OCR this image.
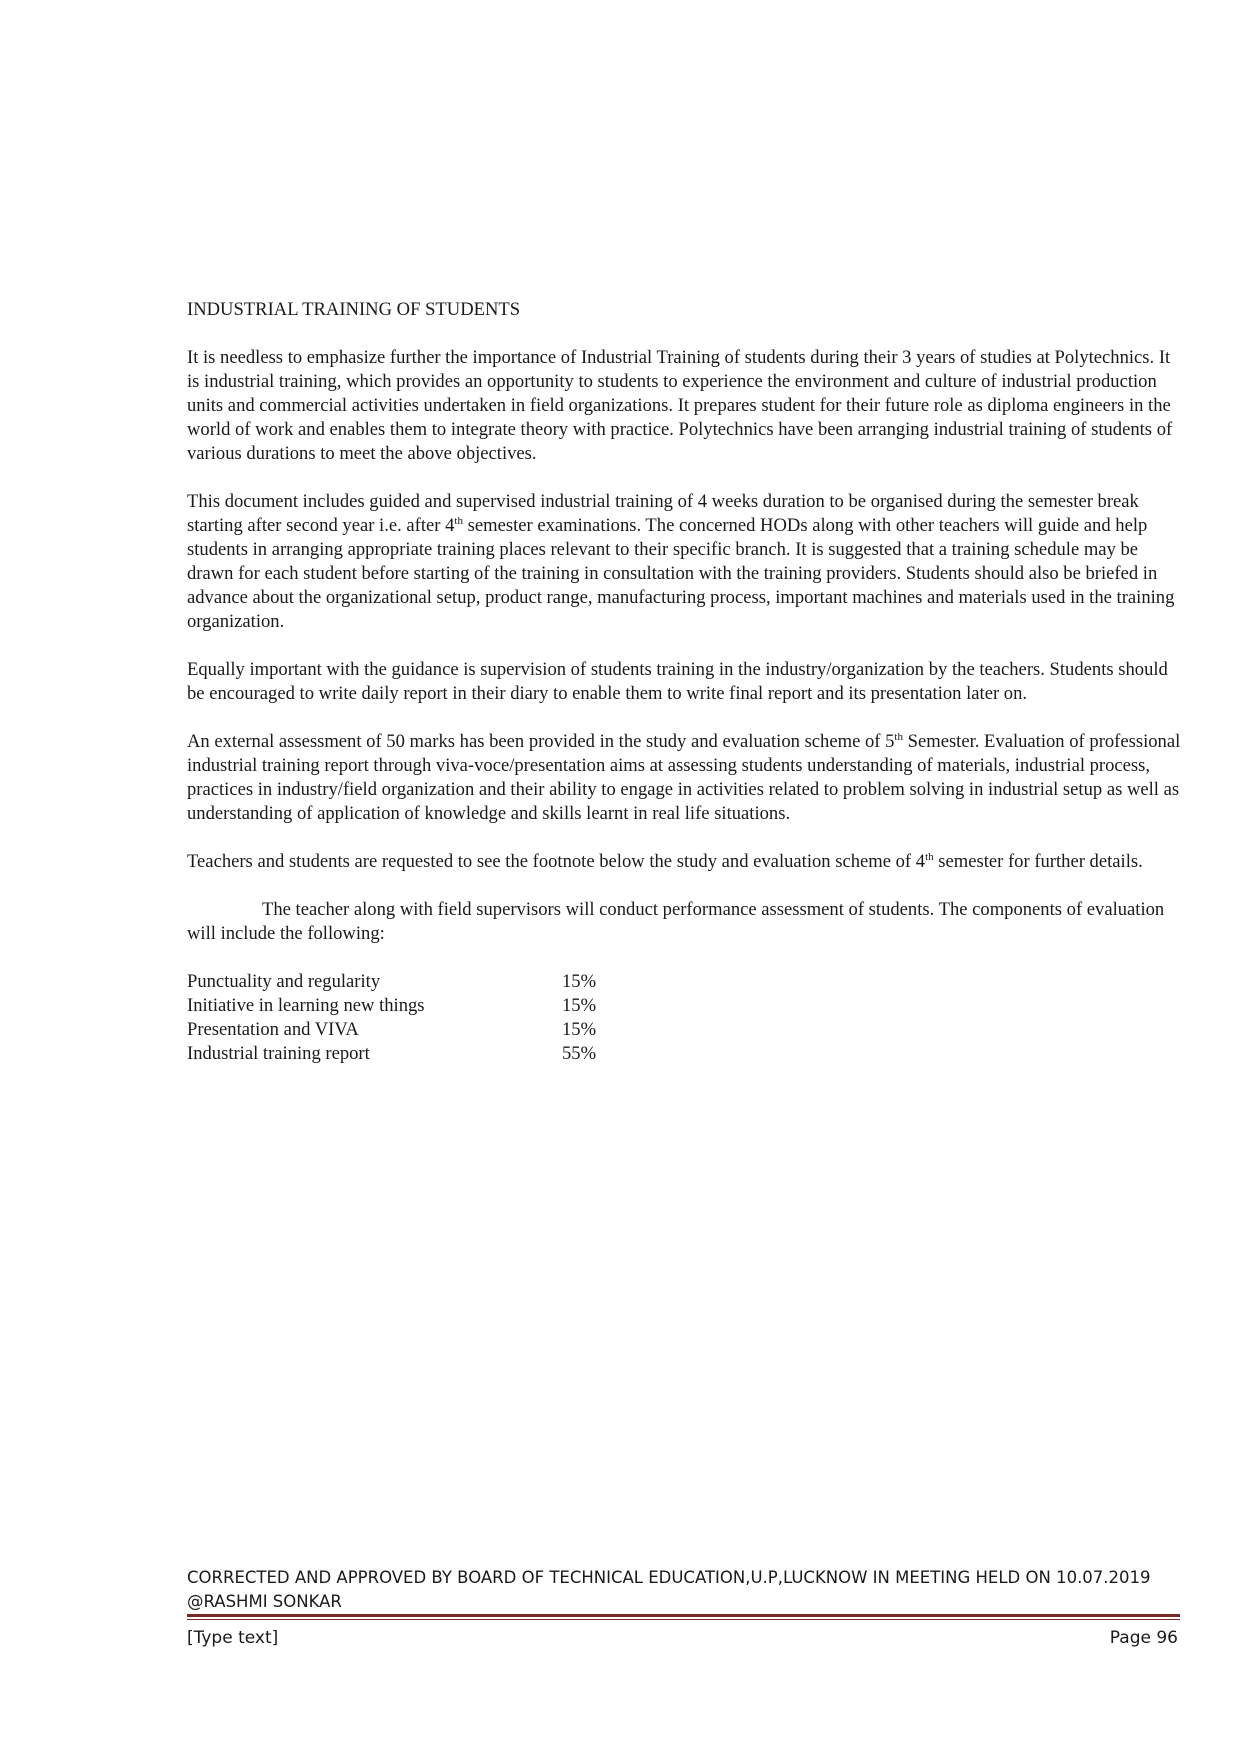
INDUSTRIAL TRAINING OF STUDENTS

It is needless to emphasize further the importance of Industrial Training of students during their 3 years of studies at Polytechnics. It is industrial training, which provides an opportunity to students to experience the environment and culture of industrial production units and commercial activities undertaken in field organizations. It prepares student for their future role as diploma engineers in the world of work and enables them to integrate theory with practice. Polytechnics have been arranging industrial training of students of various durations to meet the above objectives.

This document includes guided and supervised industrial training of 4 weeks duration to be organised during the semester break starting after second year i.e. after 4th semester examinations. The concerned HODs along with other teachers will guide and help students in arranging appropriate training places relevant to their specific branch. It is suggested that a training schedule may be drawn for each student before starting of the training in consultation with the training providers. Students should also be briefed in advance about the organizational setup, product range, manufacturing process, important machines and materials used in the training organization.

Equally important with the guidance is supervision of students training in the industry/organization by the teachers. Students should be encouraged to write daily report in their diary to enable them to write final report and its presentation later on.

An external assessment of 50 marks has been provided in the study and evaluation scheme of 5th Semester. Evaluation of professional industrial training report through viva-voce/presentation aims at assessing students understanding of materials, industrial process, practices in industry/field organization and their ability to engage in activities related to problem solving in industrial setup as well as understanding of application of knowledge and skills learnt in real life situations.

Teachers and students are requested to see the footnote below the study and evaluation scheme of 4th semester for further details.

The teacher along with field supervisors will conduct performance assessment of students. The components of evaluation will include the following:

Punctuality and regularity	15%
Initiative in learning new things	15%
Presentation and VIVA	15%
Industrial training report	55%
CORRECTED AND APPROVED BY BOARD OF TECHNICAL EDUCATION,U.P,LUCKNOW IN MEETING HELD ON 10.07.2019 @RASHMI SONKAR
[Type text]	Page 96
